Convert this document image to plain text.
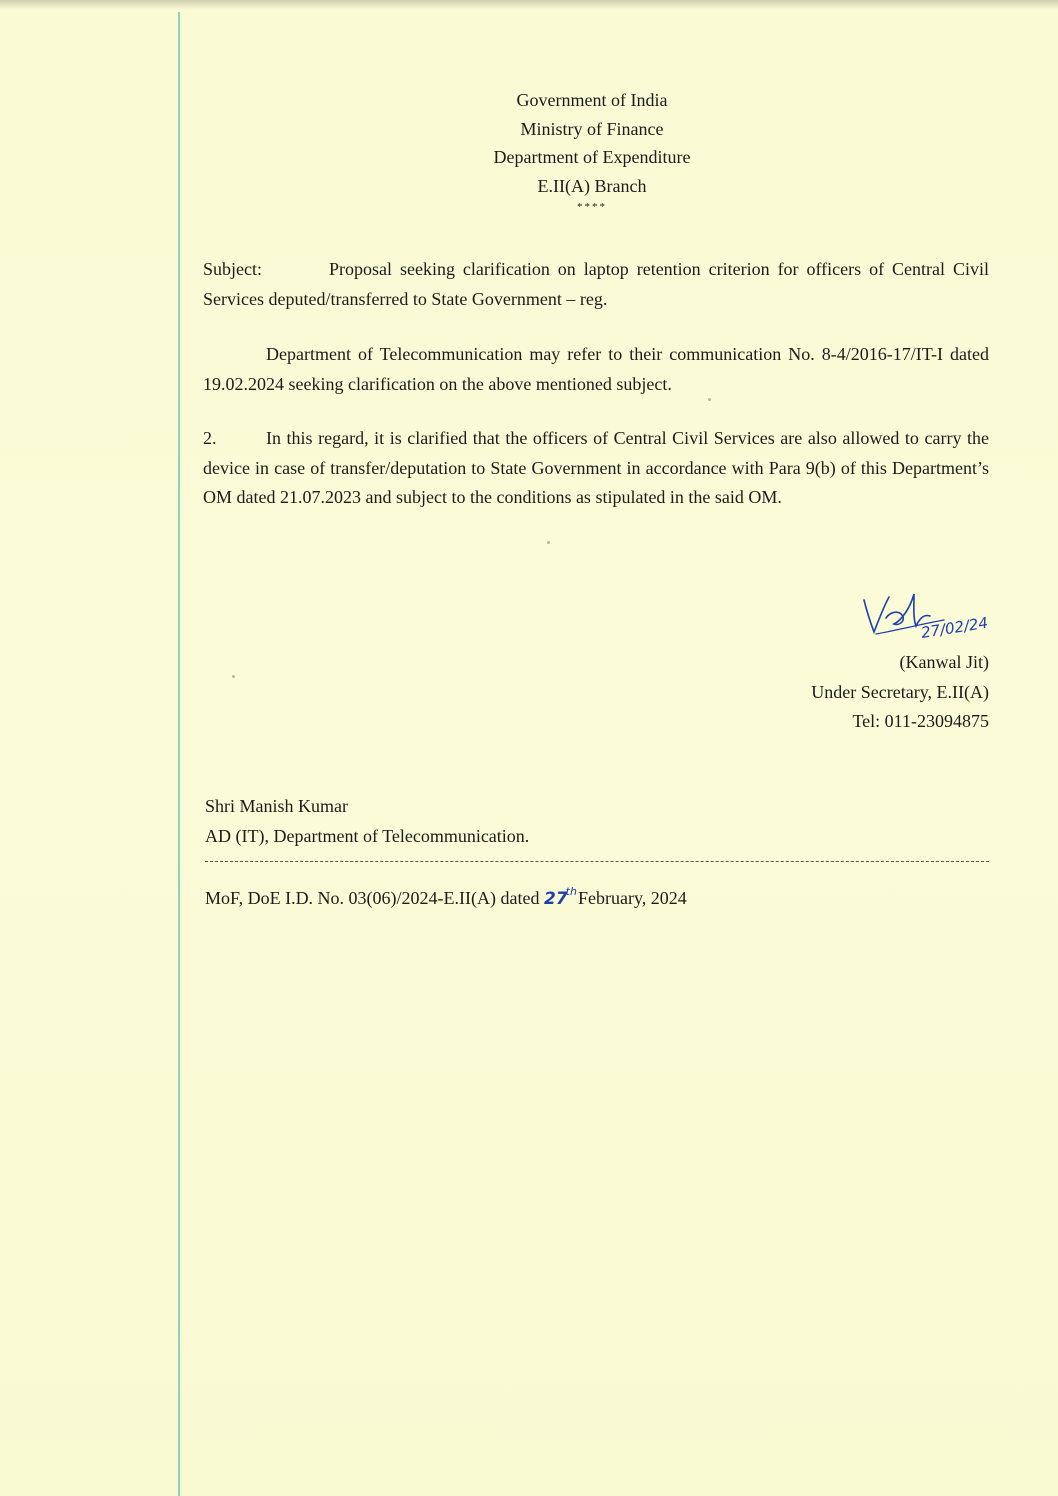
Government of India
Ministry of Finance
Department of Expenditure
E.II(A) Branch
****
Subject:	Proposal seeking clarification on laptop retention criterion for officers of Central Civil Services deputed/transferred to State Government – reg.
Department of Telecommunication may refer to their communication No. 8-4/2016-17/IT-I dated 19.02.2024 seeking clarification on the above mentioned subject.
2.	In this regard, it is clarified that the officers of Central Civil Services are also allowed to carry the device in case of transfer/deputation to State Government in accordance with Para 9(b) of this Department’s OM dated 21.07.2023 and subject to the conditions as stipulated in the said OM.
27/02/24
(Kanwal Jit)
Under Secretary, E.II(A)
Tel: 011-23094875
Shri Manish Kumar
AD (IT), Department of Telecommunication.
MoF, DoE I.D. No. 03(06)/2024-E.II(A) dated 27thFebruary, 2024
